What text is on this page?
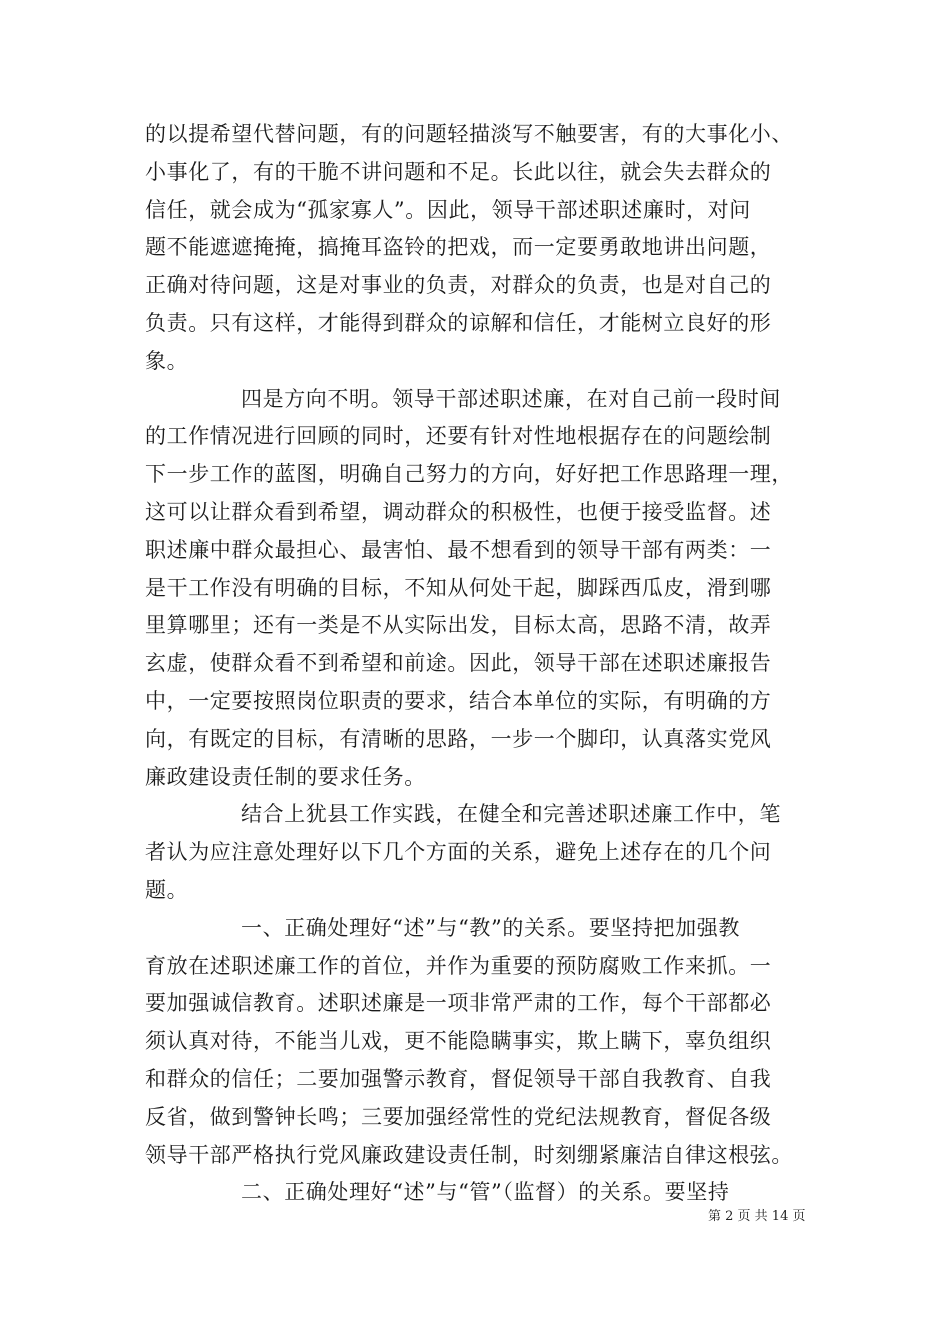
的以提希望代替问题，有的问题轻描淡写不触要害，有的大事化小、
小事化了，有的干脆不讲问题和不足。长此以往，就会失去群众的
信任，就会成为“孤家寡人”。因此，领导干部述职述廉时，对问
题不能遮遮掩掩，搞掩耳盗铃的把戏，而一定要勇敢地讲出问题，
正确对待问题，这是对事业的负责，对群众的负责，也是对自己的
负责。只有这样，才能得到群众的谅解和信任，才能树立良好的形
象。
四是方向不明。领导干部述职述廉，在对自己前一段时间
的工作情况进行回顾的同时，还要有针对性地根据存在的问题绘制
下一步工作的蓝图，明确自己努力的方向，好好把工作思路理一理，
这可以让群众看到希望，调动群众的积极性，也便于接受监督。述
职述廉中群众最担心、最害怕、最不想看到的领导干部有两类：一
是干工作没有明确的目标，不知从何处干起，脚踩西瓜皮，滑到哪
里算哪里；还有一类是不从实际出发，目标太高，思路不清，故弄
玄虚，使群众看不到希望和前途。因此，领导干部在述职述廉报告
中，一定要按照岗位职责的要求，结合本单位的实际，有明确的方
向，有既定的目标，有清晰的思路，一步一个脚印，认真落实党风
廉政建设责任制的要求任务。
结合上犹县工作实践，在健全和完善述职述廉工作中，笔
者认为应注意处理好以下几个方面的关系，避免上述存在的几个问
题。
一、正确处理好“述”与“教”的关系。要坚持把加强教
育放在述职述廉工作的首位，并作为重要的预防腐败工作来抓。一
要加强诚信教育。述职述廉是一项非常严肃的工作，每个干部都必
须认真对待，不能当儿戏，更不能隐瞒事实，欺上瞒下，辜负组织
和群众的信任；二要加强警示教育，督促领导干部自我教育、自我
反省，做到警钟长鸣；三要加强经常性的党纪法规教育，督促各级
领导干部严格执行党风廉政建设责任制，时刻绷紧廉洁自律这根弦。
二、正确处理好“述”与“管”（监督）的关系。要坚持
第 2 页 共 14 页
